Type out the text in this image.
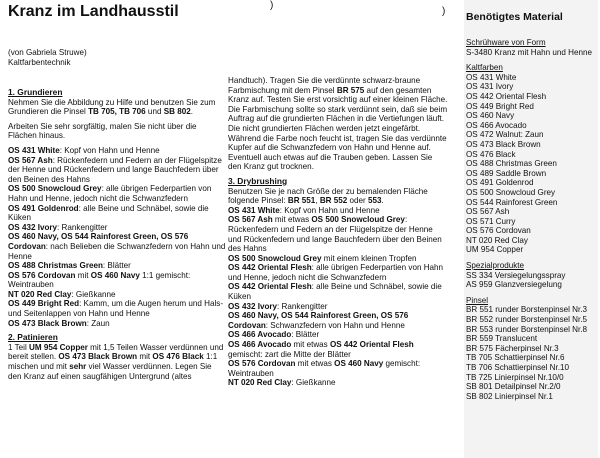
)
)
Kranz im Landhausstil
(von Gabriela Struwe)
Kaltfarbentechnik
1. Grundieren

Nehmen Sie die Abbildung zu Hilfe und benutzen Sie zum Grundieren die Pinsel TB 705, TB 706 und SB 802.

Arbeiten Sie sehr sorgfältig, malen Sie nicht über die Flächen hinaus.

OS 431 White: Kopf von Hahn und Henne
OS 567 Ash: Rückenfedern und Federn an der Flügelspitze der Henne und Rückenfedern und lange Bauchfedern über den Beinen des Hahns
OS 500 Snowcloud Grey: alle übrigen Federpartien von Hahn und Henne, jedoch nicht die Schwanzfedern
OS 491 Goldenrod: alle Beine und Schnäbel, sowie die Küken
OS 432 Ivory: Rankengitter
OS 460 Navy, OS 544 Rainforest Green, OS 576 Cordovan: nach Belieben die Schwanzfedern von Hahn und Henne
OS 488 Christmas Green: Blätter
OS 576 Cordovan mit OS 460 Navy 1:1 gemischt: Weintrauben
NT 020 Red Clay: Gießkanne
OS 449 Bright Red: Kamm, um die Augen herum und Hals- und Seitenlappen von Hahn und Henne
OS 473 Black Brown: Zaun
2. Patinieren

1 Teil UM 954 Copper mit 1,5 Teilen Wasser verdünnen und bereit stellen. OS 473 Black Brown mit OS 476 Black 1:1 mischen und mit sehr viel Wasser verdünnen. Legen Sie den Kranz auf einen saugfähigen Untergrund (altes

Handtuch). Tragen Sie die verdünnte schwarz-braune Farbmischung mit dem Pinsel BR 575 auf den gesamten Kranz auf. Testen Sie erst vorsichtig auf einer kleinen Fläche. Die Farbmischung sollte so stark verdünnt sein, daß sie beim Auftrag auf die grundierten Flächen in die Vertiefungen läuft. Die nicht grundierten Flächen werden jetzt eingefärbt. Während die Farbe noch feucht ist, tragen Sie das verdünnte Kupfer auf die Schwanzfedern von Hahn und Henne auf. Eventuell auch etwas auf die Trauben geben. Lassen Sie den Kranz gut trocknen.

3. Drybrushing
Benutzen Sie je nach Größe der zu bemalenden Fläche folgende Pinsel: BR 551, BR 552 oder 553.
OS 431 White: Kopf von Hahn und Henne
OS 567 Ash mit etwas OS 500 Snowcloud Grey: Rückenfedern und Federn an der Flügelspitze der Henne und Rückenfedern und lange Bauchfedern über den Beinen des Hahns
OS 500 Snowcloud Grey mit einem kleinen Tropfen
OS 442 Oriental Flesh: alle übrigen Federpartien von Hahn und Henne, jedoch nicht die Schwanzfedern
OS 442 Oriental Flesh: alle Beine und Schnäbel, sowie die Küken
OS 432 Ivory: Rankengitter
OS 460 Navy, OS 544 Rainforest Green, OS 576 Cordovan: Schwanzfedern von Hahn und Henne
OS 466 Avocado: Blätter
OS 466 Avocado mit etwas OS 442 Oriental Flesh gemischt: zart die Mitte der Blätter
OS 576 Cordovan mit etwas OS 460 Navy gemischt: Weintrauben
NT 020 Red Clay: Gießkanne
Benötigtes Material
Schrühware von Form
S-3480 Kranz mit Hahn und Henne
Kaltfarben
OS 431 White
OS 431 Ivory
OS 442 Oriental Flesh
OS 449 Bright Red
OS 460 Navy
OS 466 Avocado
OS 472 Walnut: Zaun
OS 473 Black Brown
OS 476 Black
OS 488 Christmas Green
OS 489 Saddle Brown
OS 491 Goldenrod
OS 500 Snowcloud Grey
OS 544 Rainforest Green
OS 567 Ash
OS 571 Curry
OS 576 Cordovan
NT 020 Red Clay
UM 954 Copper
Spezialprodukte
SS 334 Versiegelungsspray
AS 959 Glanzversiegelung
Pinsel
BR 551 runder Borstenpinsel Nr.3
BR 552 runder Borstenpinsel Nr.5
BR 553 runder Borstenpinsel Nr.8
BR 559 Translucent
BR 575 Fächerpinsel Nr.3
TB 705 Schattierpinsel Nr.6
TB 706 Schattierpinsel Nr.10
TB 725 Linierpinsel Nr.10/0
SB 801 Detailpinsel Nr.2/0
SB 802 Linierpinsel Nr.1
